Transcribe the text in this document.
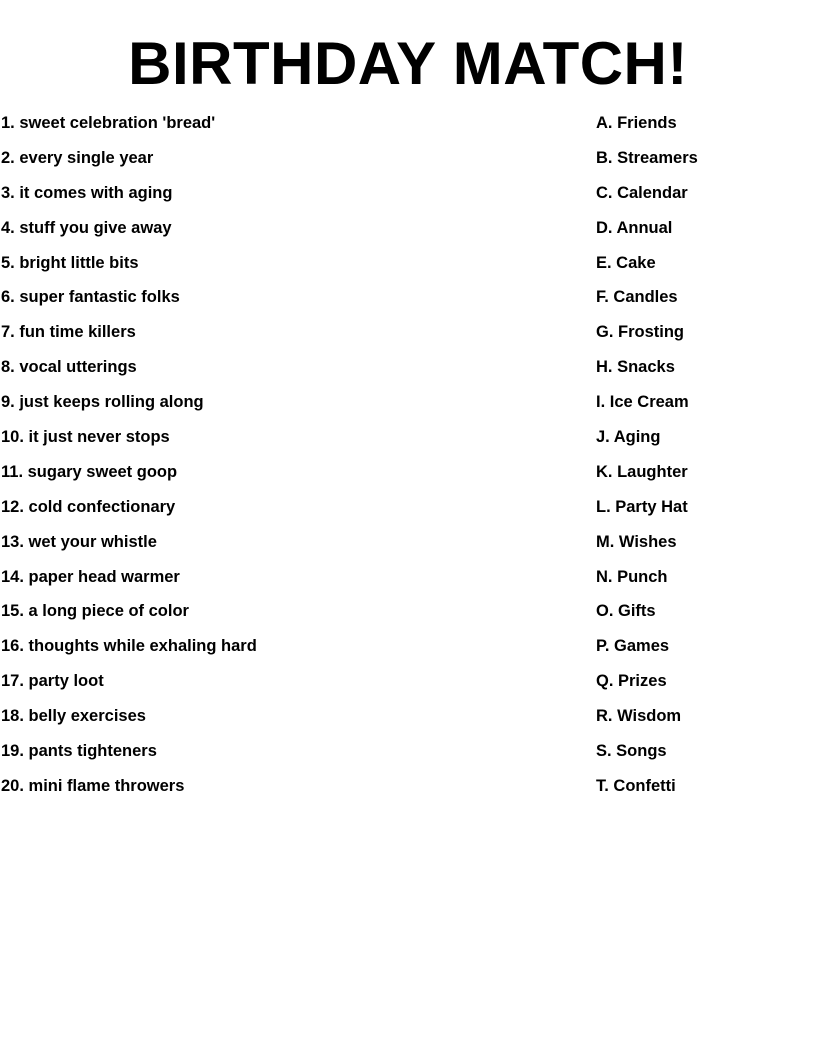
BIRTHDAY MATCH!
1. sweet celebration 'bread'
2. every single year
3. it comes with aging
4. stuff you give away
5. bright little bits
6. super fantastic folks
7. fun time killers
8. vocal utterings
9. just keeps rolling along
10. it just never stops
11. sugary sweet goop
12. cold confectionary
13. wet your whistle
14. paper head warmer
15. a long piece of color
16. thoughts while exhaling hard
17. party loot
18. belly exercises
19. pants tighteners
20. mini flame throwers
A. Friends
B. Streamers
C. Calendar
D. Annual
E. Cake
F. Candles
G. Frosting
H. Snacks
I. Ice Cream
J. Aging
K. Laughter
L. Party Hat
M. Wishes
N. Punch
O. Gifts
P. Games
Q. Prizes
R. Wisdom
S. Songs
T. Confetti
